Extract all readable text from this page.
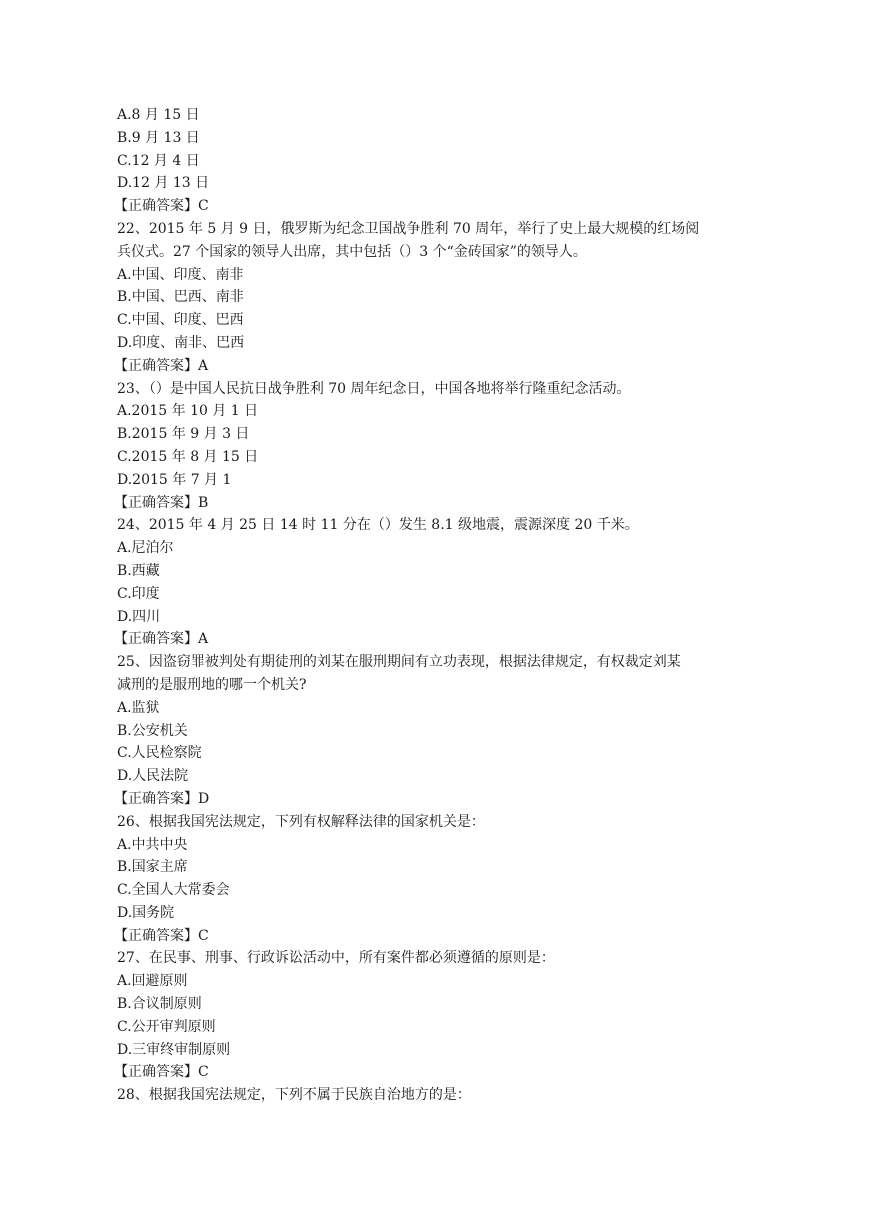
A.8 月 15 日
B.9 月 13 日
C.12 月 4 日
D.12 月 13 日
【正确答案】C
22、2015 年 5 月 9 日，俄罗斯为纪念卫国战争胜利 70 周年，举行了史上最大规模的红场阅
兵仪式。27 个国家的领导人出席，其中包括（）3 个“金砖国家”的领导人。
A.中国、印度、南非
B.中国、巴西、南非
C.中国、印度、巴西
D.印度、南非、巴西
【正确答案】A
23、（）是中国人民抗日战争胜利 70 周年纪念日，中国各地将举行隆重纪念活动。
A.2015 年 10 月 1 日
B.2015 年 9 月 3 日
C.2015 年 8 月 15 日
D.2015 年 7 月 1
【正确答案】B
24、2015 年 4 月 25 日 14 时 11 分在（）发生 8.1 级地震，震源深度 20 千米。
A.尼泊尔
B.西藏
C.印度
D.四川
【正确答案】A
25、因盗窃罪被判处有期徒刑的刘某在服刑期间有立功表现，根据法律规定，有权裁定刘某
减刑的是服刑地的哪一个机关?
A.监狱
B.公安机关
C.人民检察院
D.人民法院
【正确答案】D
26、根据我国宪法规定，下列有权解释法律的国家机关是：
A.中共中央
B.国家主席
C.全国人大常委会
D.国务院
【正确答案】C
27、在民事、刑事、行政诉讼活动中，所有案件都必须遵循的原则是：
A.回避原则
B.合议制原则
C.公开审判原则
D.三审终审制原则
【正确答案】C
28、根据我国宪法规定，下列不属于民族自治地方的是：
